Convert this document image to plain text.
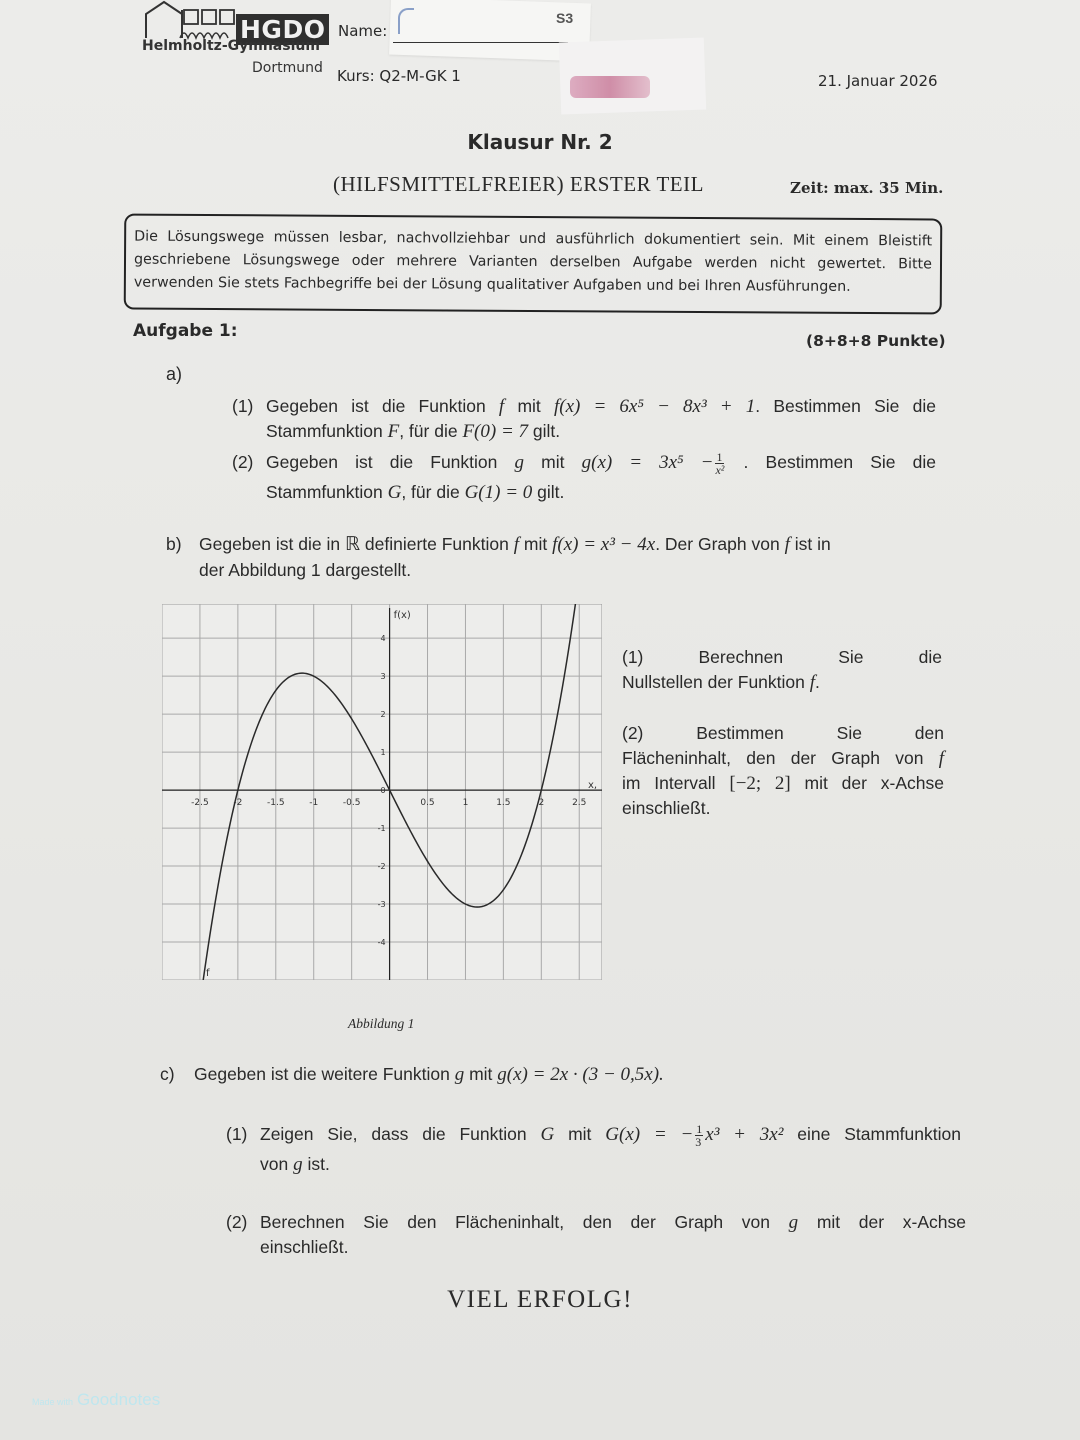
HGDO
Helmholtz-Gymnasium
Dortmund
S3
Name:
Kurs: Q2-M-GK 1	21. Januar 2026
Klausur Nr. 2
(HILFSMITTELFREIER) ERSTER TEIL	Zeit: max. 35 Min.
Die Lösungswege müssen lesbar, nachvollziehbar und ausführlich dokumentiert sein. Mit einem Bleistift geschriebene Lösungswege oder mehrere Varianten derselben Aufgabe werden nicht gewertet. Bitte verwenden Sie stets Fachbegriffe bei der Lösung qualitativer Aufgaben und bei Ihren Ausführungen.
Aufgabe 1:	(8+8+8 Punkte)
a)
(1) Gegeben ist die Funktion f mit f(x) = 6x⁵ − 8x³ + 1. Bestimmen Sie die
Stammfunktion F, für die F(0) = 7 gilt.
(2) Gegeben ist die Funktion g mit $g(x) = 3x^5 - \frac{1}{\text{x²}}$ . Bestimmen Sie die
Stammfunktion G, für die G(1) = 0 gilt.
b) Gegeben ist die in ℝ definierte Funktion f mit f(x) = x³ − 4x. Der Graph von f ist in
der Abbildung 1 dargestellt.
-2.5	-2	-1.5	-1	-0.5	0.5	1	1.5	2	2.5
4
3
2
1
0
-1
-2
-3
-4
f(x)
x,
f
(1)	Berechnen	Sie	die
Nullstellen der Funktion f.
(2)	Bestimmen	Sie	den
Flächeninhalt, den der Graph von f
im Intervall [−2; 2] mit der x-Achse
einschließt.
Abbildung 1
c) Gegeben ist die weitere Funktion g mit g(x) = 2x · (3 − 0,5x).
(1) Zeigen Sie, dass die Funktion G mit G(x) = − $\frac{1}{3} x^3 + 3x^2$ eine Stammfunktion
von g ist.
(2) Berechnen Sie den Flächeninhalt, den der Graph von g mit der x-Achse
einschließt.
VIEL ERFOLG!
Made with Goodnotes
